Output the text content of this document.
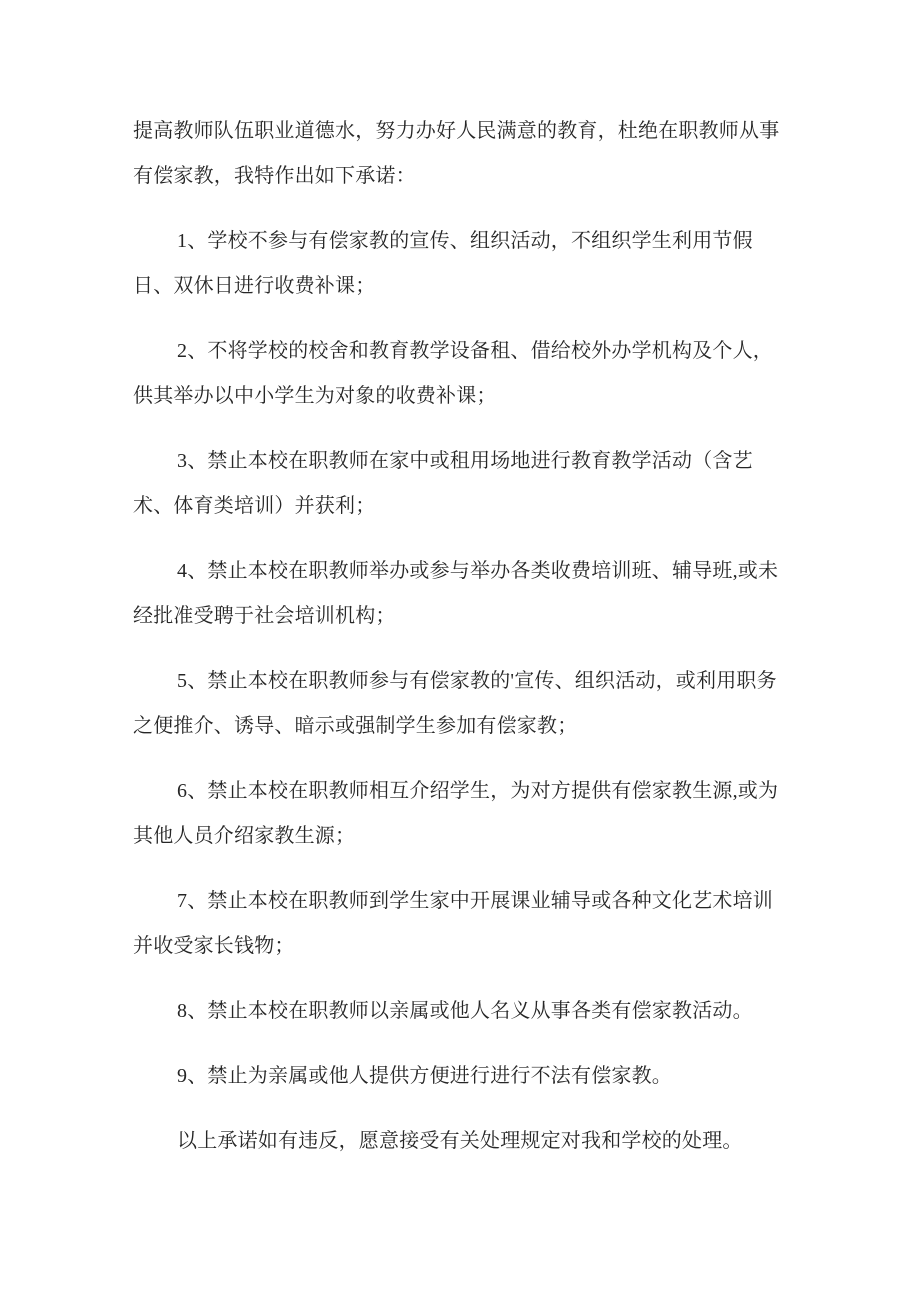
提高教师队伍职业道德水，努力办好人民满意的教育，杜绝在职教师从事
有偿家教，我特作出如下承诺：

1、学校不参与有偿家教的宣传、组织活动，不组织学生利用节假
日、双休日进行收费补课；

2、不将学校的校舍和教育教学设备租、借给校外办学机构及个人，
供其举办以中小学生为对象的收费补课；

3、禁止本校在职教师在家中或租用场地进行教育教学活动（含艺
术、体育类培训）并获利；

4、禁止本校在职教师举办或参与举办各类收费培训班、辅导班,或未
经批准受聘于社会培训机构；

5、禁止本校在职教师参与有偿家教的'宣传、组织活动，或利用职务
之便推介、诱导、暗示或强制学生参加有偿家教；

6、禁止本校在职教师相互介绍学生，为对方提供有偿家教生源,或为
其他人员介绍家教生源；

7、禁止本校在职教师到学生家中开展课业辅导或各种文化艺术培训
并收受家长钱物；

8、禁止本校在职教师以亲属或他人名义从事各类有偿家教活动。

9、禁止为亲属或他人提供方便进行进行不法有偿家教。

以上承诺如有违反，愿意接受有关处理规定对我和学校的处理。
